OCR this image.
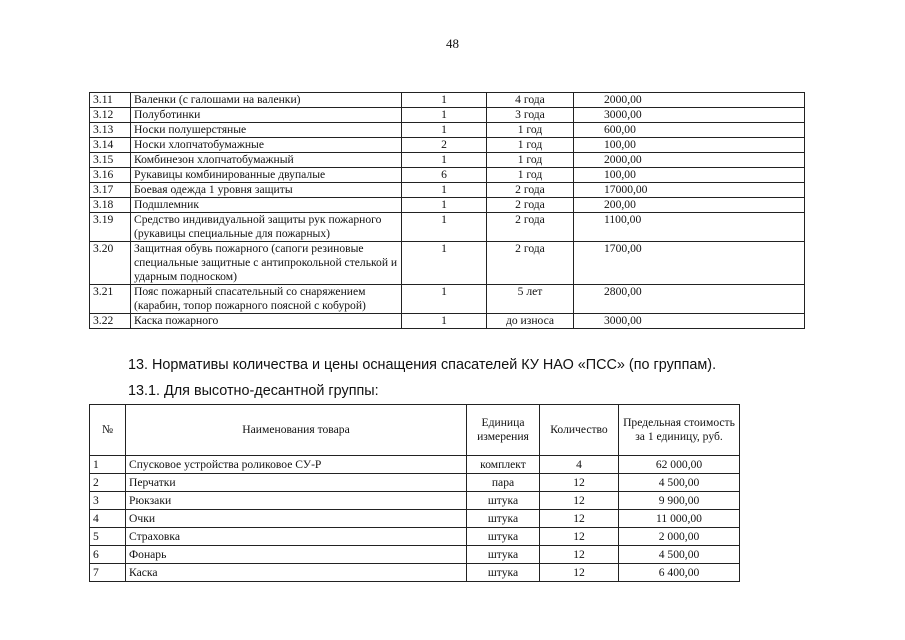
48
3.11	Валенки (с галошами на валенки)	1	4 года	2000,00
3.12	Полуботинки	1	3 года	3000,00
3.13	Носки полушерстяные	1	1 год	600,00
3.14	Носки хлопчатобумажные	2	1 год	100,00
3.15	Комбинезон хлопчатобумажный	1	1 год	2000,00
3.16	Рукавицы комбинированные двупалые	6	1 год	100,00
3.17	Боевая одежда 1 уровня защиты	1	2 года	17000,00
3.18	Подшлемник	1	2 года	200,00
3.19	Средство индивидуальной защиты рук пожарного (рукавицы специальные для пожарных)	1	2 года	1100,00
3.20	Защитная обувь пожарного (сапоги резиновые специальные защитные с антипрокольной стелькой и ударным подноском)	1	2 года	1700,00
3.21	Пояс пожарный спасательный со снаряжением (карабин, топор пожарного поясной с кобурой)	1	5 лет	2800,00
3.22	Каска пожарного	1	до износа	3000,00
13. Нормативы количества и цены оснащения спасателей КУ НАО «ПСС» (по группам).
13.1. Для высотно-десантной группы:
№	Наименования товара	Единица измерения	Количество	Предельная стоимость за 1 единицу, руб.
1	Спусковое устройства роликовое СУ-Р	комплект	4	62 000,00
2	Перчатки	пара	12	4 500,00
3	Рюкзаки	штука	12	9 900,00
4	Очки	штука	12	11 000,00
5	Страховка	штука	12	2 000,00
6	Фонарь	штука	12	4 500,00
7	Каска	штука	12	6 400,00
